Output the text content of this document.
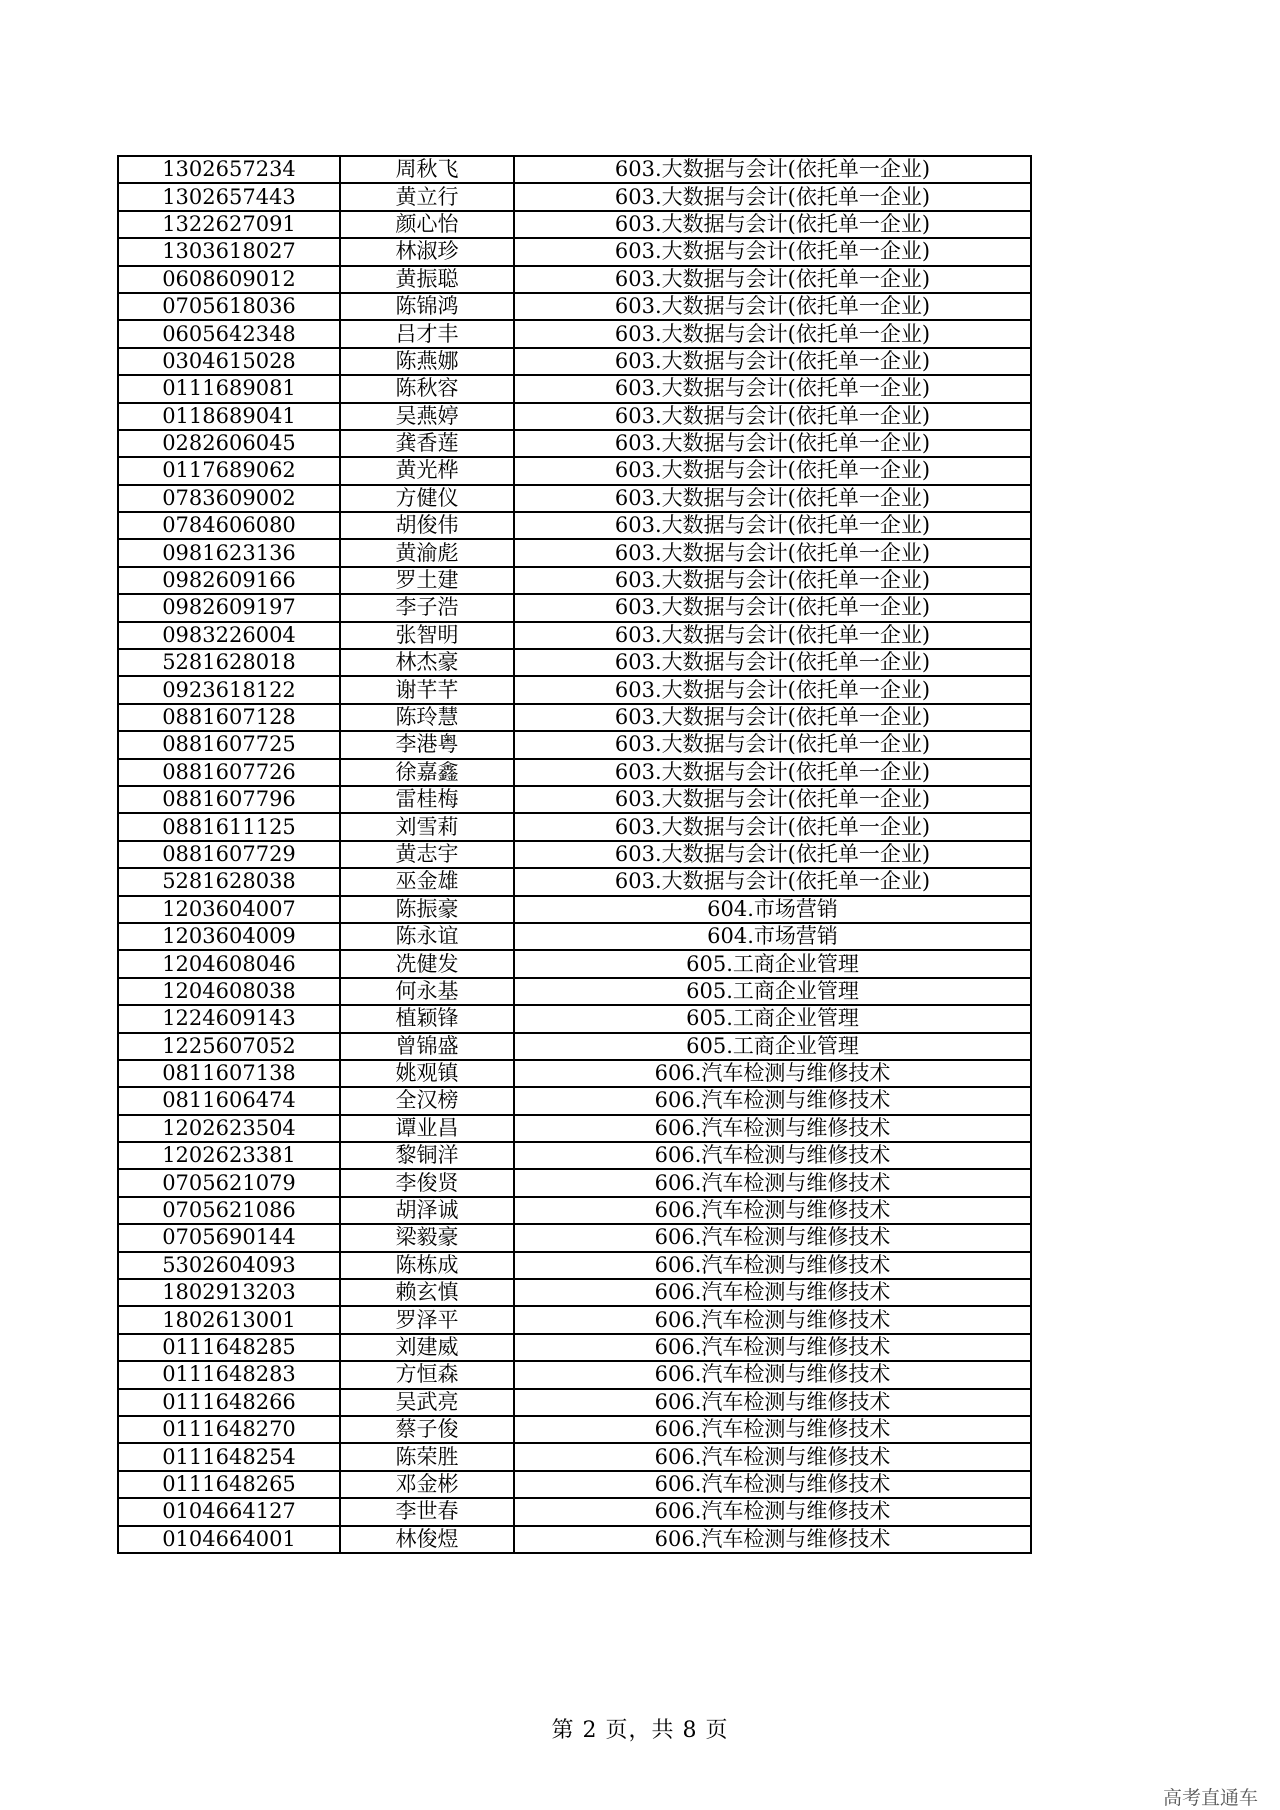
1302657234	周秋飞	603.大数据与会计(依托单一企业)
1302657443	黄立行	603.大数据与会计(依托单一企业)
1322627091	颜心怡	603.大数据与会计(依托单一企业)
1303618027	林淑珍	603.大数据与会计(依托单一企业)
0608609012	黄振聪	603.大数据与会计(依托单一企业)
0705618036	陈锦鸿	603.大数据与会计(依托单一企业)
0605642348	吕才丰	603.大数据与会计(依托单一企业)
0304615028	陈燕娜	603.大数据与会计(依托单一企业)
0111689081	陈秋容	603.大数据与会计(依托单一企业)
0118689041	吴燕婷	603.大数据与会计(依托单一企业)
0282606045	龚香莲	603.大数据与会计(依托单一企业)
0117689062	黄光桦	603.大数据与会计(依托单一企业)
0783609002	方健仪	603.大数据与会计(依托单一企业)
0784606080	胡俊伟	603.大数据与会计(依托单一企业)
0981623136	黄渝彪	603.大数据与会计(依托单一企业)
0982609166	罗土建	603.大数据与会计(依托单一企业)
0982609197	李子浩	603.大数据与会计(依托单一企业)
0983226004	张智明	603.大数据与会计(依托单一企业)
5281628018	林杰豪	603.大数据与会计(依托单一企业)
0923618122	谢芊芊	603.大数据与会计(依托单一企业)
0881607128	陈玲慧	603.大数据与会计(依托单一企业)
0881607725	李港粤	603.大数据与会计(依托单一企业)
0881607726	徐嘉鑫	603.大数据与会计(依托单一企业)
0881607796	雷桂梅	603.大数据与会计(依托单一企业)
0881611125	刘雪莉	603.大数据与会计(依托单一企业)
0881607729	黄志宇	603.大数据与会计(依托单一企业)
5281628038	巫金雄	603.大数据与会计(依托单一企业)
1203604007	陈振豪	604.市场营销
1203604009	陈永谊	604.市场营销
1204608046	冼健发	605.工商企业管理
1204608038	何永基	605.工商企业管理
1224609143	植颖锋	605.工商企业管理
1225607052	曾锦盛	605.工商企业管理
0811607138	姚观镇	606.汽车检测与维修技术
0811606474	全汉榜	606.汽车检测与维修技术
1202623504	谭业昌	606.汽车检测与维修技术
1202623381	黎铜洋	606.汽车检测与维修技术
0705621079	李俊贤	606.汽车检测与维修技术
0705621086	胡泽诚	606.汽车检测与维修技术
0705690144	梁毅豪	606.汽车检测与维修技术
5302604093	陈栋成	606.汽车检测与维修技术
1802913203	赖玄慎	606.汽车检测与维修技术
1802613001	罗泽平	606.汽车检测与维修技术
0111648285	刘建威	606.汽车检测与维修技术
0111648283	方恒森	606.汽车检测与维修技术
0111648266	吴武亮	606.汽车检测与维修技术
0111648270	蔡子俊	606.汽车检测与维修技术
0111648254	陈荣胜	606.汽车检测与维修技术
0111648265	邓金彬	606.汽车检测与维修技术
0104664127	李世春	606.汽车检测与维修技术
0104664001	林俊煜	606.汽车检测与维修技术
第 2 页，共 8 页
高考直通车
